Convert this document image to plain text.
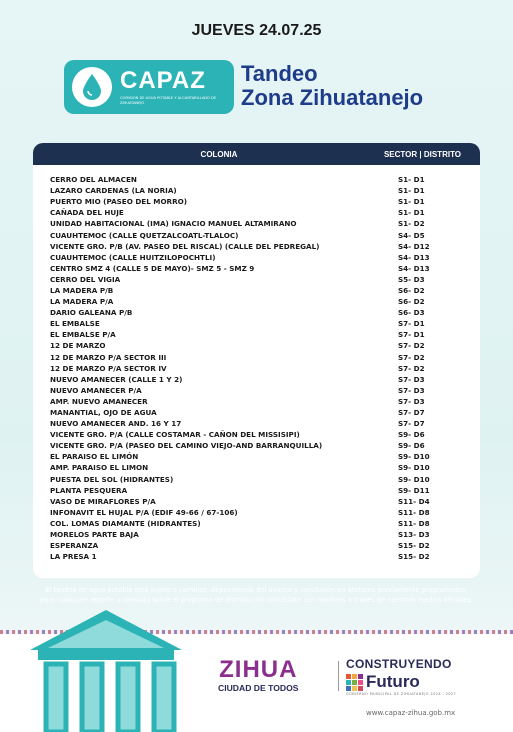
JUEVES 24.07.25
CAPAZ
COMISIÓN DE AGUA POTABLE Y ALCANTARILLADO DE ZIHUATANEJO
Tandeo
Zona Zihuatanejo
COLONIA	SECTOR | DISTRITO
CERRO DEL ALMACEN	S1- D1
LAZARO CARDENAS (LA NORIA)	S1- D1
PUERTO MIO (PASEO DEL MORRO)	S1- D1
CAÑADA DEL HUJE	S1- D1
UNIDAD HABITACIONAL (IMA) IGNACIO MANUEL ALTAMIRANO	S1- D2
CUAUHTEMOC (CALLE QUETZALCOATL-TLALOC)	S4- D5
VICENTE GRO. P/B (AV. PASEO DEL RISCAL) (CALLE DEL PEDREGAL)	S4- D12
CUAUHTEMOC (CALLE HUITZILOPOCHTLI)	S4- D13
CENTRO SMZ 4 (CALLE 5 DE MAYO)- SMZ 5 - SMZ 9	S4- D13
CERRO DEL VIGIA	S5- D3
LA MADERA P/B	S6- D2
LA MADERA P/A	S6- D2
DARIO GALEANA P/B	S6- D3
EL EMBALSE	S7- D1
EL EMBALSE P/A	S7- D1
12 DE MARZO	S7- D2
12 DE MARZO P/A SECTOR III	S7- D2
12 DE MARZO P/A SECTOR IV	S7- D2
NUEVO AMANECER (CALLE 1 Y 2)	S7- D3
NUEVO AMANECER P/A	S7- D3
AMP. NUEVO AMANECER	S7- D3
MANANTIAL, OJO DE AGUA	S7- D7
NUEVO AMANECER AND. 16 Y 17	S7- D7
VICENTE GRO. P/A (CALLE COSTAMAR - CAÑON DEL MISSISIPI)	S9- D6
VICENTE GRO. P/A (PASEO DEL CAMINO VIEJO-AND BARRANQUILLA)	S9- D6
EL PARAISO EL LIMÓN	S9- D10
AMP. PARAISO EL LIMON	S9- D10
PUESTA DEL SOL (HIDRANTES)	S9- D10
PLANTA PESQUERA	S9- D11
VASO DE MIRAFLORES P/A	S11- D4
INFONAVIT EL HUJAL P/A (EDIF 49-66 / 67-106)	S11- D8
COL. LOMAS DIAMANTE (HIDRANTES)	S11- D8
MORELOS PARTE BAJA	S13- D3
ESPERANZA	S15- D2
LA PRESA 1	S15- D2
El tandeo de agua potable está sujeto a cambios, dependiendo del avance y conclusión en sectores previamente programados; para cualquier reporte o consulta sobre el programa de distribución contáctate con nosotros a través de nuestros medios oficiales.
ZIHUA
CIUDAD DE TODOS
CONSTRUYENDO
Futuro
GOBIERNO MUNICIPAL DE ZIHUATANEJO 2024 - 2027
www.capaz-zihua.gob.mx
